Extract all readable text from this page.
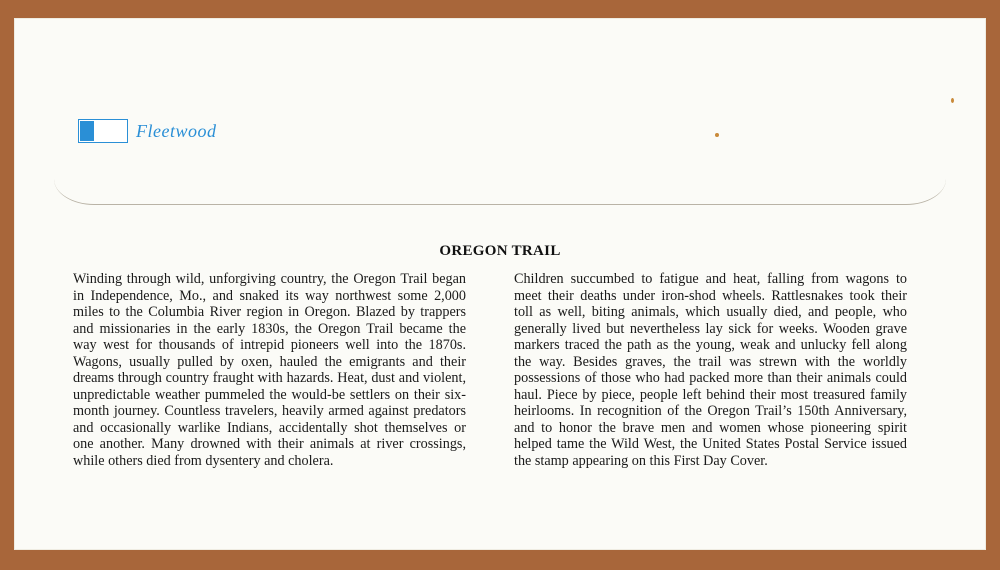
Fleetwood
OREGON TRAIL

Winding through wild, unforgiving country, the Oregon Trail began in Independence, Mo., and snaked its way northwest some 2,000 miles to the Columbia River region in Oregon. Blazed by trappers and missionaries in the early 1830s, the Oregon Trail became the way west for thousands of intrepid pioneers well into the 1870s. Wagons, usually pulled by oxen, hauled the emigrants and their dreams through country fraught with hazards. Heat, dust and violent, unpredictable weather pummeled the would-be settlers on their six-month journey. Countless travelers, heavily armed against predators and occasionally warlike Indians, accidentally shot themselves or one another. Many drowned with their animals at river crossings, while others died from dysentery and cholera.

Children succumbed to fatigue and heat, falling from wagons to meet their deaths under iron-shod wheels. Rattlesnakes took their toll as well, biting animals, which usually died, and people, who generally lived but nevertheless lay sick for weeks. Wooden grave markers traced the path as the young, weak and unlucky fell along the way. Besides graves, the trail was strewn with the worldly possessions of those who had packed more than their animals could haul. Piece by piece, people left behind their most treasured family heirlooms. In recognition of the Oregon Trail’s 150th Anniversary, and to honor the brave men and women whose pioneering spirit helped tame the Wild West, the United States Postal Service issued the stamp appearing on this First Day Cover.
